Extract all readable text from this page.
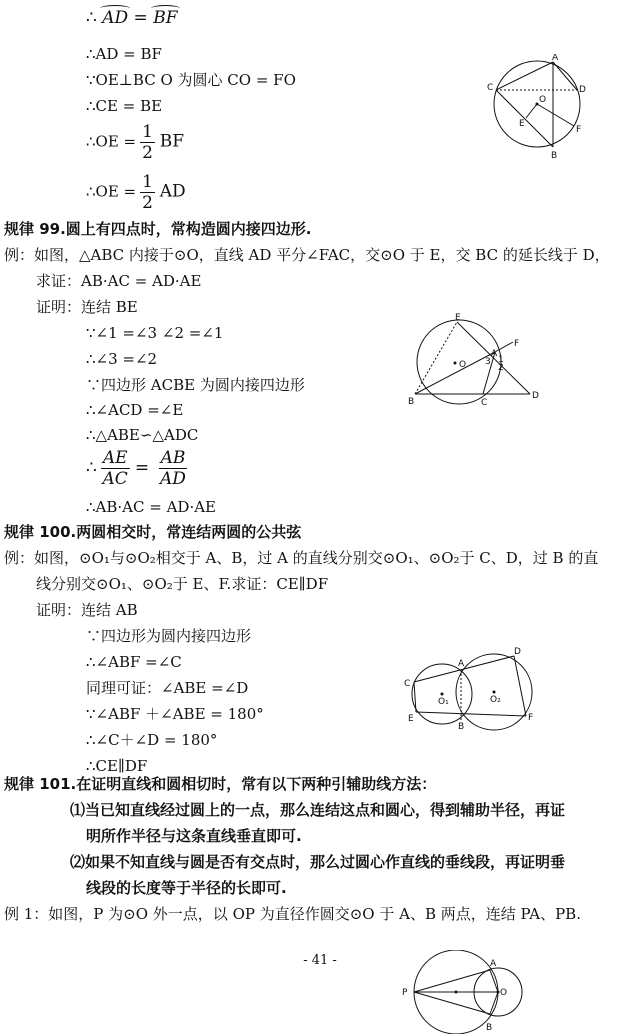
∴ AD = BF
∴AD = BF
∵OE⊥BC O 为圆心 CO = FO
∴CE = BE
∴OE = $\frac{1}{2}$ BF
∴OE = $\frac{1}{2}$ AD
C
A
D
O
E
F
B
规律 99.圆上有四点时，常构造圆内接四边形.
例：如图，△ABC 内接于⊙O，直线 AD 平分∠FAC，交⊙O 于 E，交 BC 的延长线于 D，
求证：AB·AC = AD·AE
证明：连结 BE
∵∠1 =∠3 ∠2 =∠1
∴∠3 =∠2
∵四边形 ACBE 为圆内接四边形
∴∠ACD =∠E
∴△ABE∽△ADC
∴ $\frac{AE}{AC} = \frac{AB}{AD}$
∴AB·AC = AD·AE
E
F
A
O	1
2
3
B	C
D
规律 100.两圆相交时，常连结两圆的公共弦
例：如图，⊙O₁与⊙O₂相交于 A、B，过 A 的直线分别交⊙O₁、⊙O₂于 C、D，过 B 的直
线分别交⊙O₁、⊙O₂于 E、F.求证：CE∥DF
证明：连结 AB
∵四边形为圆内接四边形
∴∠ABF =∠C
同理可证：∠ABE =∠D
∵∠ABF ＋∠ABE = 180°
∴∠C＋∠D = 180°
∴CE∥DF
C
A
D
O₁	O₂
E
B
F
规律 101.在证明直线和圆相切时，常有以下两种引辅助线方法：
⑴当已知直线经过圆上的一点，那么连结这点和圆心，得到辅助半径，再证
明所作半径与这条直线垂直即可.
⑵如果不知直线与圆是否有交点时，那么过圆心作直线的垂线段，再证明垂
线段的长度等于半径的长即可.
例 1：如图，P 为⊙O 外一点，以 OP 为直径作圆交⊙O 于 A、B 两点，连结 PA、PB.
- 41 -
P
A
O
B
